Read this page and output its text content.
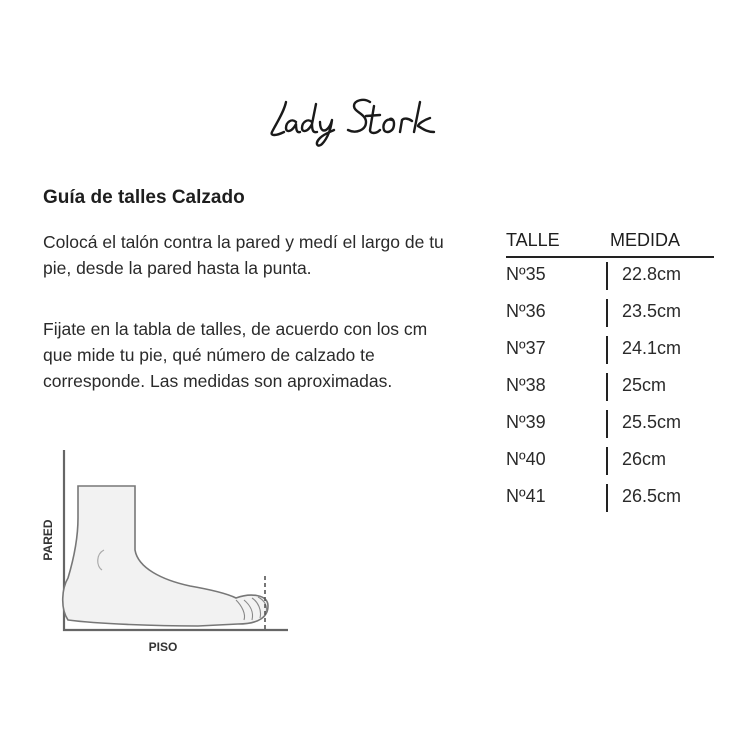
Guía de talles Calzado

Colocá el talón contra la pared y medí el largo de tu pie, desde la pared hasta la punta.

Fijate en la tabla de talles, de acuerdo con los cm que mide tu pie, qué número de calzado te corresponde. Las medidas son aproximadas.

TALLE	MEDIDA
Nº35	22.8cm
Nº36	23.5cm
Nº37	24.1cm
Nº38	25cm
Nº39	25.5cm
Nº40	26cm
Nº41	26.5cm
PARED
PISO
